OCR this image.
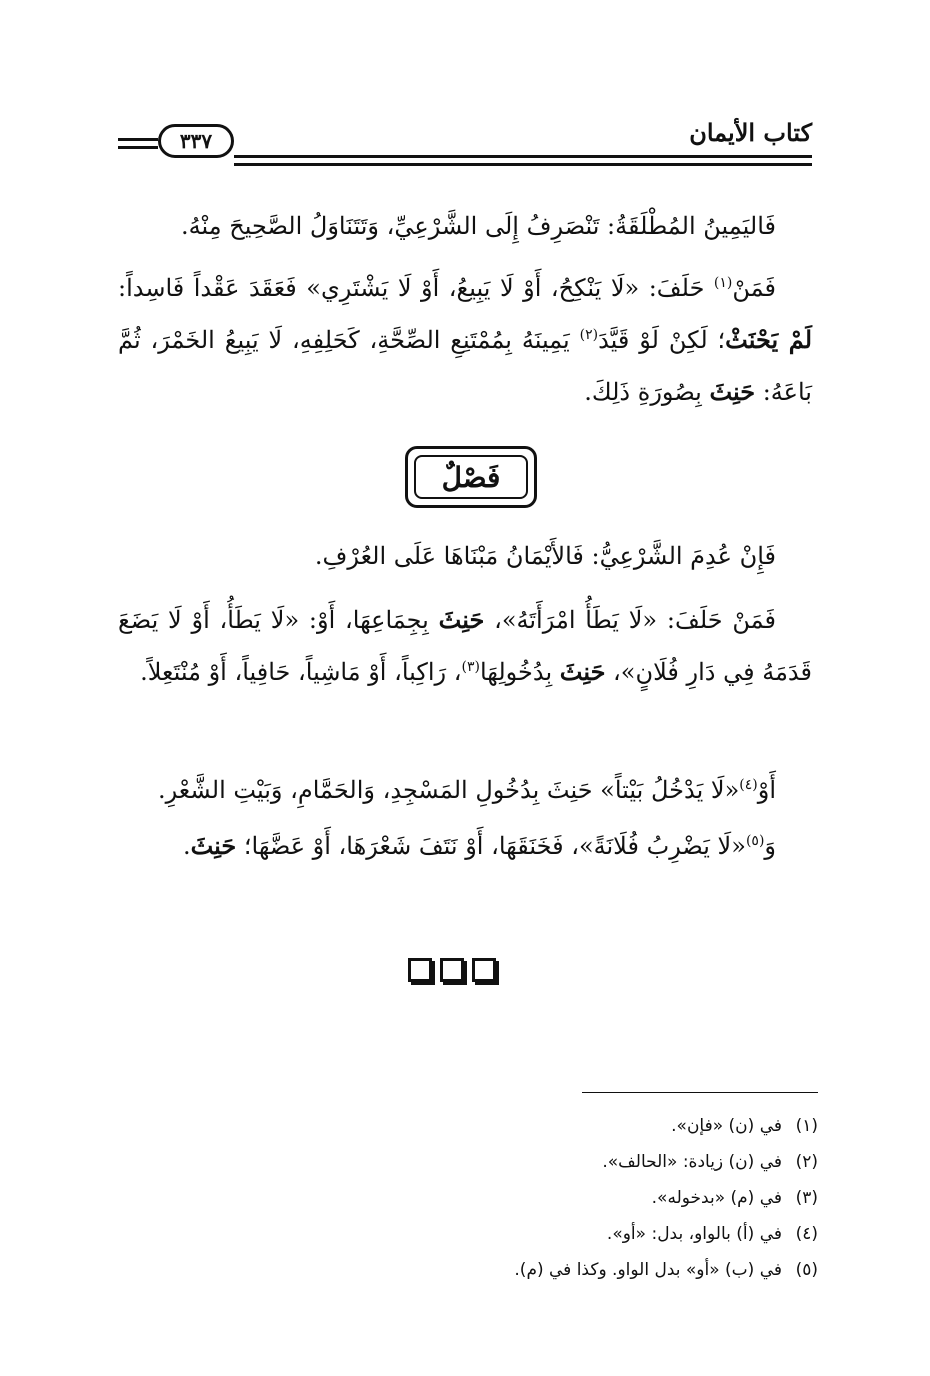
كتاب الأيمان
٣٣٧

فَاليَمِينُ المُطْلَقَةُ: تَنْصَرِفُ إِلَى الشَّرْعِيِّ، وَتَتَنَاوَلُ الصَّحِيحَ مِنْهُ.

فَمَنْ$^{(١)}$ حَلَفَ: «لَا يَنْكِحُ، أَوْ لَا يَبِيعُ، أَوْ لَا يَشْتَرِي» فَعَقَدَ عَقْداً فَاسِداً: لَمْ يَحْنَثْ؛ لَكِنْ لَوْ قَيَّدَ$^{(٢)}$ يَمِينَهُ بِمُمْتَنِعِ الصِّحَّةِ، كَحَلِفِهِ، لَا يَبِيعُ الخَمْرَ، ثُمَّ بَاعَهُ: حَنِثَ بِصُورَةِ ذَلِكَ.

فَصْلٌ

فَإِنْ عُدِمَ الشَّرْعِيُّ: فَالأَيْمَانُ مَبْنَاهَا عَلَى العُرْفِ.

فَمَنْ حَلَفَ: «لَا يَطَأُ امْرَأَتَهُ»، حَنِثَ بِجِمَاعِهَا، أَوْ: «لَا يَطَأُ، أَوْ لَا يَضَعَ قَدَمَهُ فِي دَارِ فُلَانٍ»، حَنِثَ بِدُخُولِهَا$^{(٣)}$، رَاكِباً، أَوْ مَاشِياً، حَافِياً، أَوْ مُنْتَعِلاً.

أَوْ$^{(٤)}$«لَا يَدْخُلُ بَيْتاً» حَنِثَ بِدُخُولِ المَسْجِدِ، وَالحَمَّامِ، وَبَيْتِ الشَّعْرِ.

وَ$^{(٥)}$«لَا يَضْرِبُ فُلَانَةً»، فَخَنَقَهَا، أَوْ نَتَفَ شَعْرَهَا، أَوْ عَضَّهَا؛ حَنِثَ.

(١)في (ن) «فإن».
(٢)في (ن) زيادة: «الحالف».
(٣)في (م) «بدخوله».
(٤)في (أ) بالواو، بدل: «أو».
(٥)في (ب) «أو» بدل الواو. وكذا في (م).
